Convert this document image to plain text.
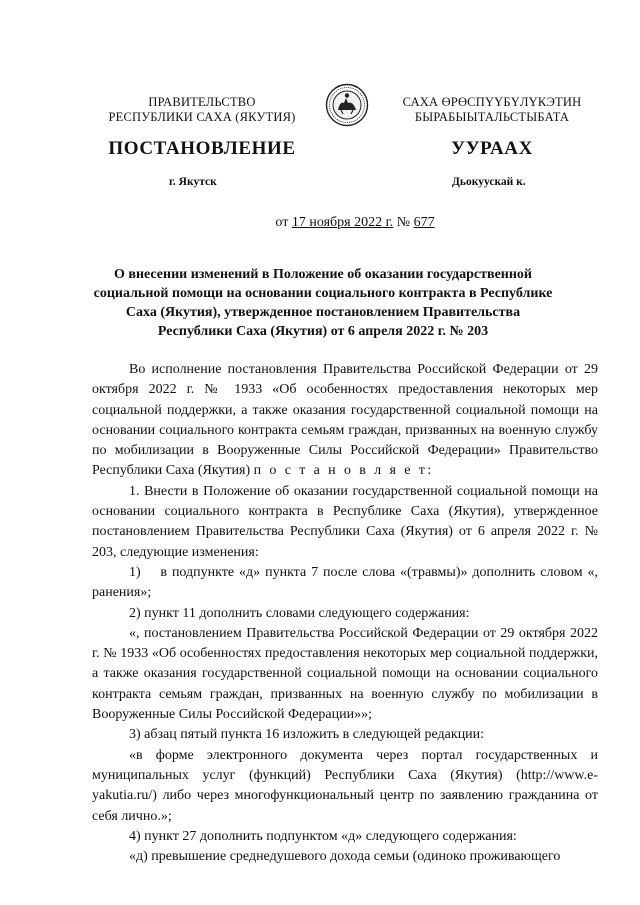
ПРАВИТЕЛЬСТВО
РЕСПУБЛИКИ САХА (ЯКУТИЯ)
САХА ӨРӨСПҮҮБҮЛҮКЭТИН
БЫРАБЫЫТАЛЬСТЫБАТА
ПОСТАНОВЛЕНИЕ	УУРААХ
г. Якутск	Дьокуускай к.
от 17 ноября 2022 г. № 677
О внесении изменений в Положение об оказании государственной социальной помощи на основании социального контракта в Республике Саха (Якутия), утвержденное постановлением Правительства Республики Саха (Якутия) от 6 апреля 2022 г. № 203

Во исполнение постановления Правительства Российской Федерации от 29 октября 2022 г. № 1933 «Об особенностях предоставления некоторых мер социальной поддержки, а также оказания государственной социальной помощи на основании социального контракта семьям граждан, призванных на военную службу по мобилизации в Вооруженные Силы Российской Федерации» Правительство Республики Саха (Якутия) п о с т а н о в л я е т:

1. Внести в Положение об оказании государственной социальной помощи на основании социального контракта в Республике Саха (Якутия), утвержденное постановлением Правительства Республики Саха (Якутия) от 6 апреля 2022 г. № 203, следующие изменения:

1)    в подпункте «д» пункта 7 после слова «(травмы)» дополнить словом «, ранения»;

2) пункт 11 дополнить словами следующего содержания:

«, постановлением Правительства Российской Федерации от 29 октября 2022 г. № 1933 «Об особенностях предоставления некоторых мер социальной поддержки, а также оказания государственной социальной помощи на основании социального контракта семьям граждан, призванных на военную службу по мобилизации в Вооруженные Силы Российской Федерации»»;

3) абзац пятый пункта 16 изложить в следующей редакции:

«в форме электронного документа через портал государственных и муниципальных услуг (функций) Республики Саха (Якутия) (http://www.e-yakutia.ru/) либо через многофункциональный центр по заявлению гражданина от себя лично.»;

4) пункт 27 дополнить подпунктом «д» следующего содержания:

«д) превышение среднедушевого дохода семьи (одиноко проживающего
